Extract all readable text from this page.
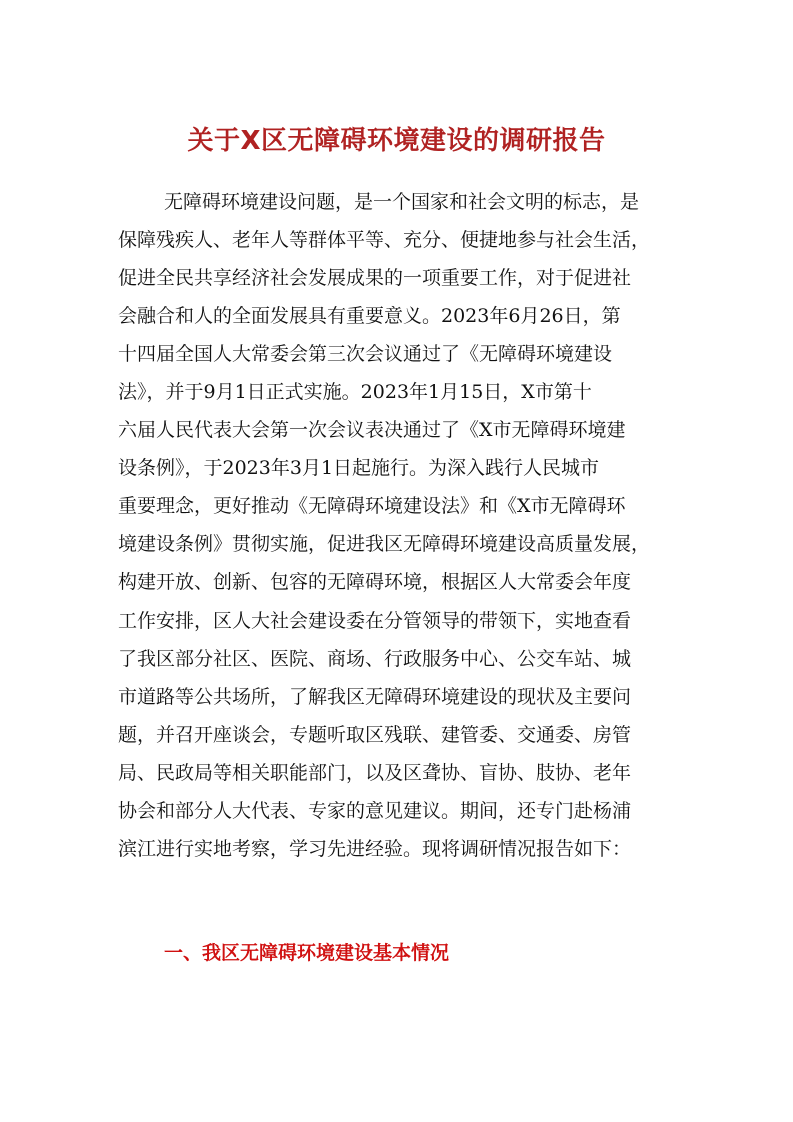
关于X区无障碍环境建设的调研报告
无障碍环境建设问题，是一个国家和社会文明的标志，是
保障残疾人、老年人等群体平等、充分、便捷地参与社会生活，
促进全民共享经济社会发展成果的一项重要工作，对于促进社
会融合和人的全面发展具有重要意义。2023年6月26日，第
十四届全国人大常委会第三次会议通过了《无障碍环境建设
法》，并于9月1日正式实施。2023年1月15日，X市第十
六届人民代表大会第一次会议表决通过了《X市无障碍环境建
设条例》，于2023年3月1日起施行。为深入践行人民城市
重要理念，更好推动《无障碍环境建设法》和《X市无障碍环
境建设条例》贯彻实施，促进我区无障碍环境建设高质量发展，
构建开放、创新、包容的无障碍环境，根据区人大常委会年度
工作安排，区人大社会建设委在分管领导的带领下，实地查看
了我区部分社区、医院、商场、行政服务中心、公交车站、城
市道路等公共场所，了解我区无障碍环境建设的现状及主要问
题，并召开座谈会，专题听取区残联、建管委、交通委、房管
局、民政局等相关职能部门，以及区聋协、盲协、肢协、老年
协会和部分人大代表、专家的意见建议。期间，还专门赴杨浦
滨江进行实地考察，学习先进经验。现将调研情况报告如下：
一、我区无障碍环境建设基本情况
